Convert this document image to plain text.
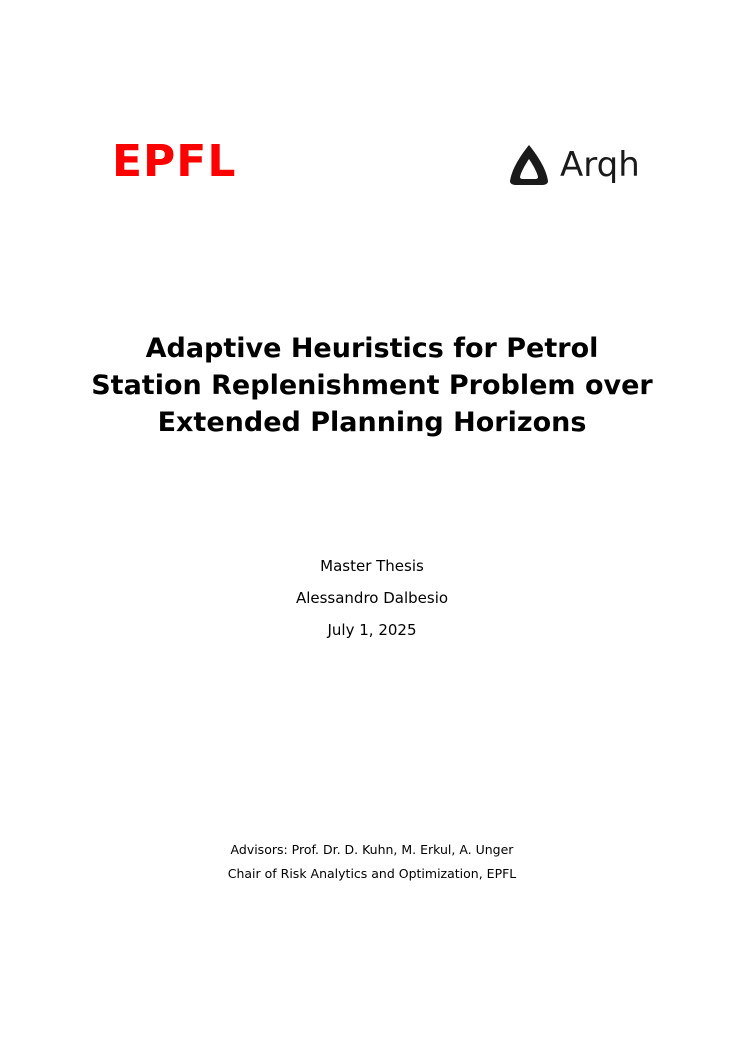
EPFL	Arqh
Adaptive Heuristics for Petrol
Station Replenishment Problem over
Extended Planning Horizons
Master Thesis
Alessandro Dalbesio
July 1, 2025
Advisors: Prof. Dr. D. Kuhn, M. Erkul, A. Unger
Chair of Risk Analytics and Optimization, EPFL
